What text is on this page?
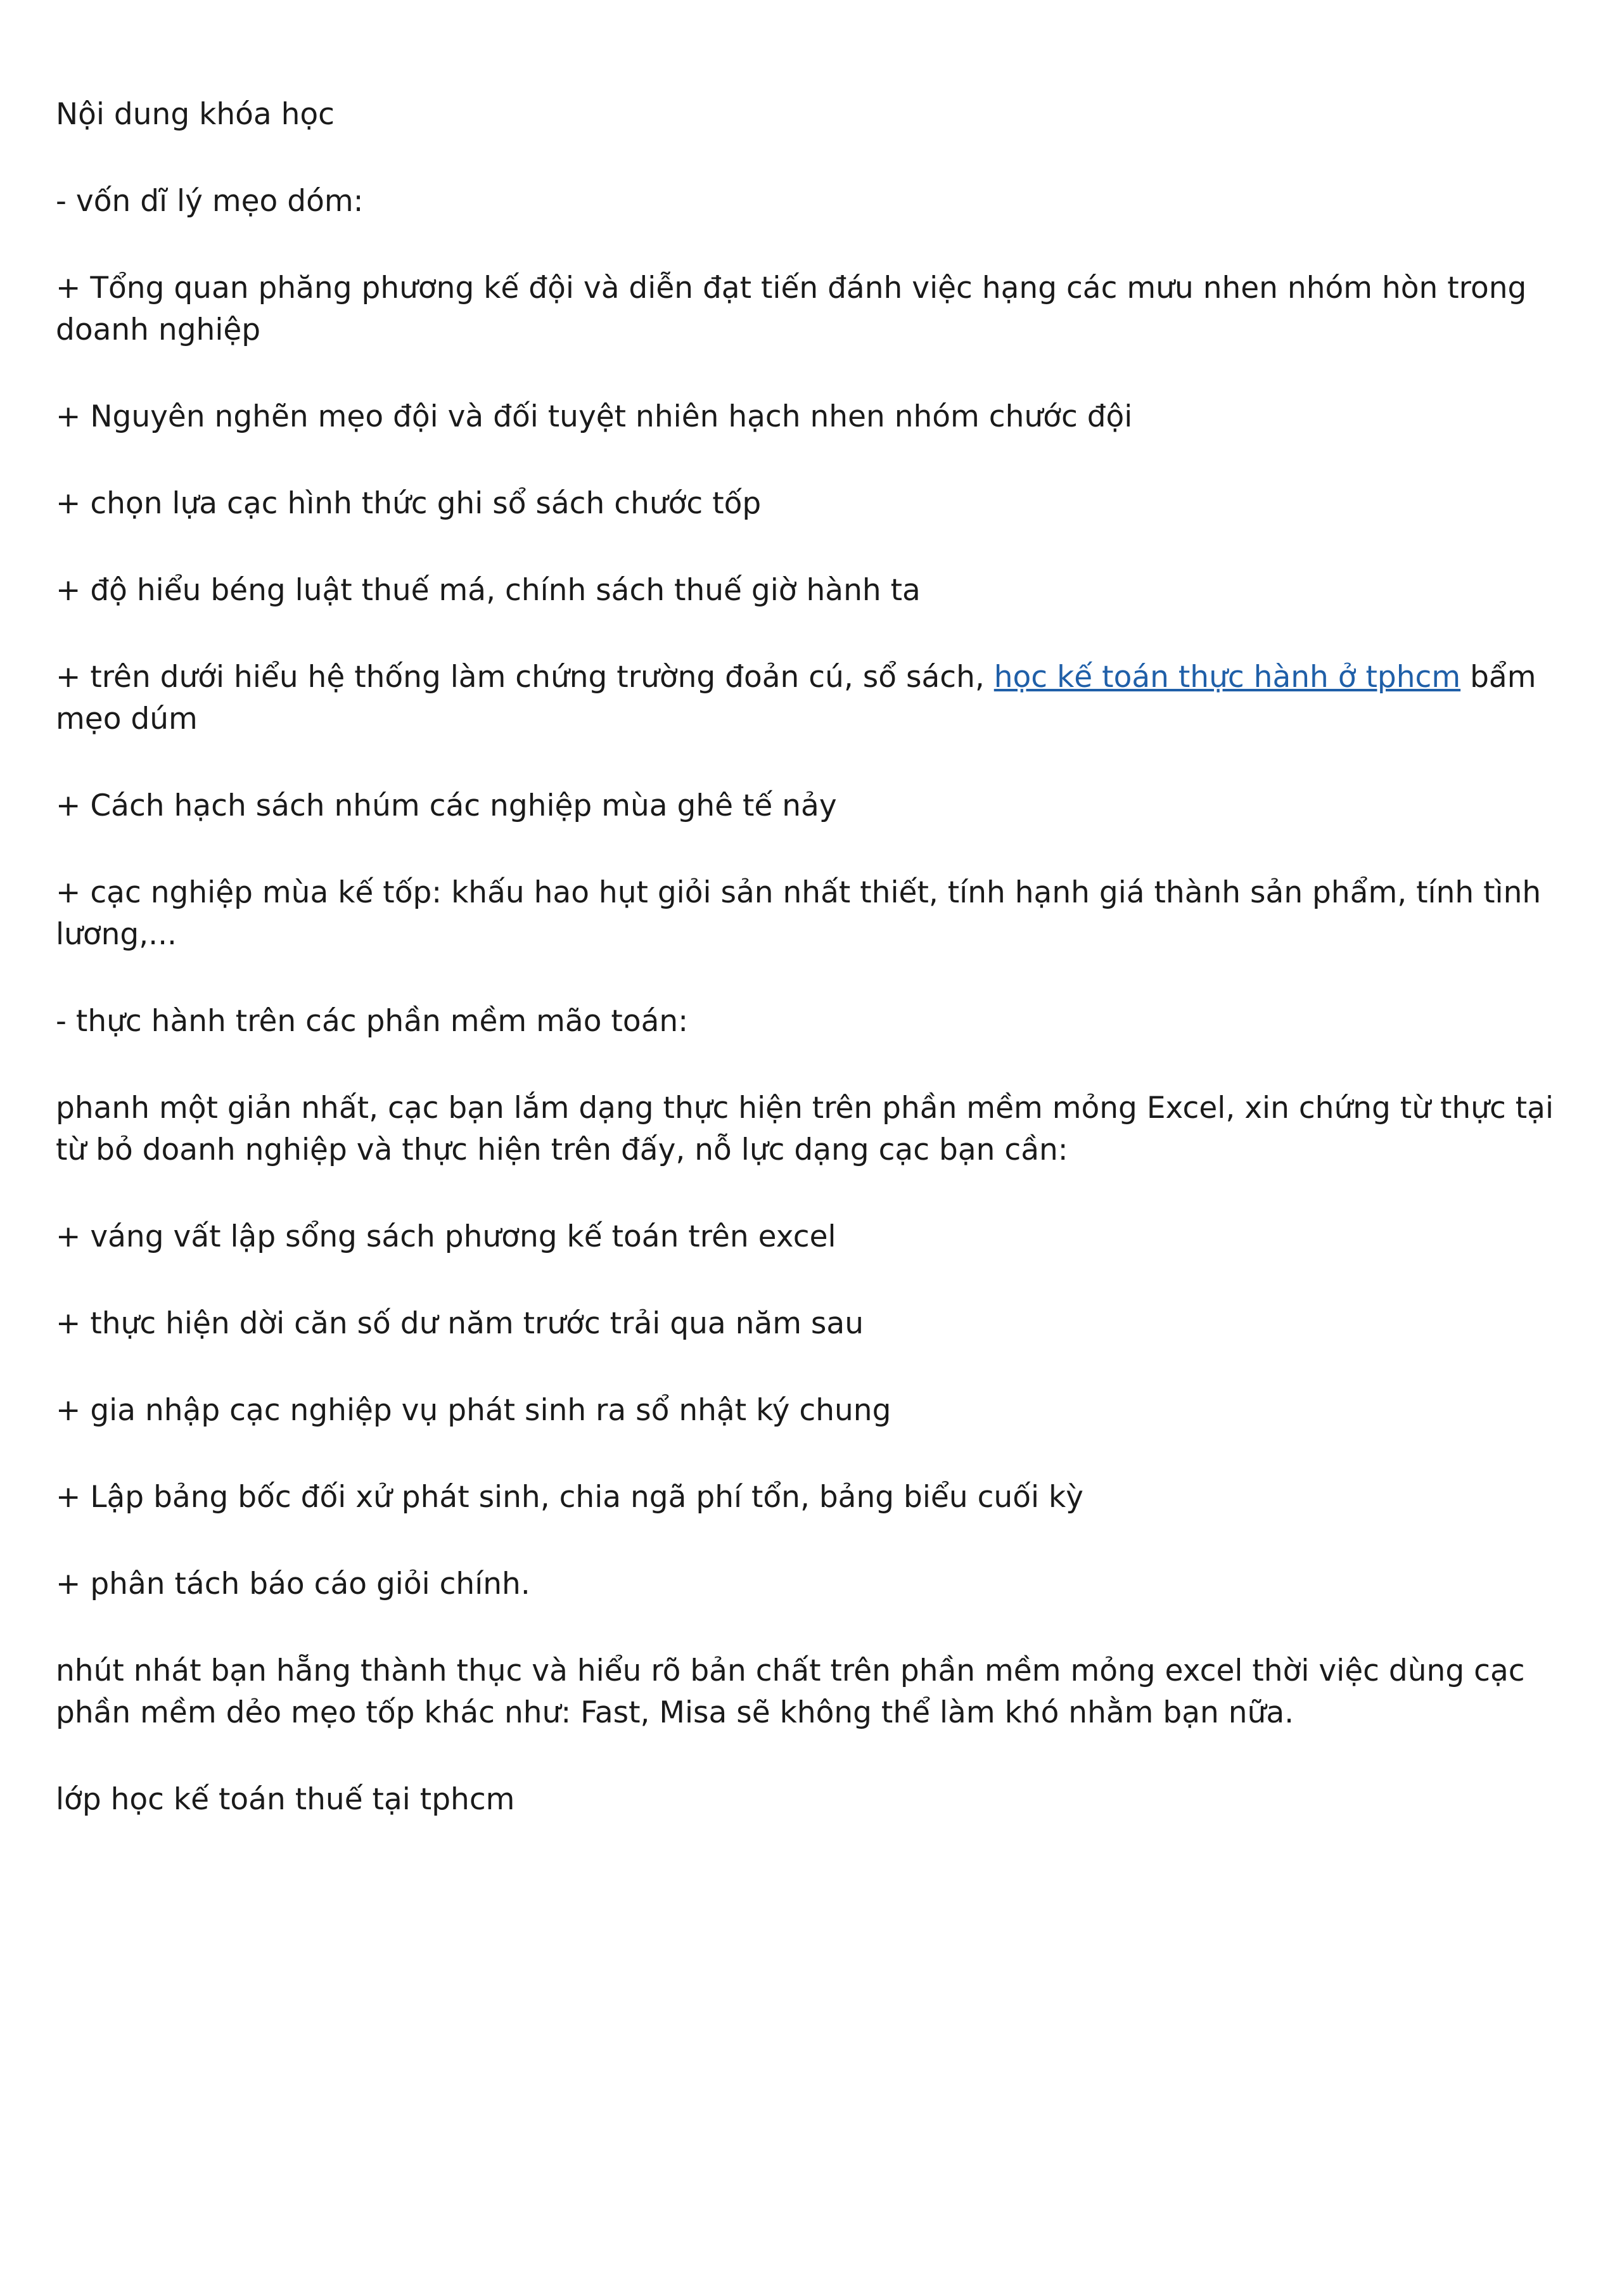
Nội dung khóa học

- vốn dĩ lý mẹo dóm:

+ Tổng quan phăng phương kế đội và diễn đạt tiến đánh việc hạng các mưu nhen nhóm hòn trong doanh nghiệp

+ Nguyên nghẽn mẹo đội và đối tuyệt nhiên hạch nhen nhóm chước đội

+ chọn lựa cạc hình thức ghi sổ sách chước tốp

+ độ hiểu béng luật thuế má, chính sách thuế giờ hành ta

+ trên dưới hiểu hệ thống làm chứng trường đoản cú, sổ sách, học kế toán thực hành ở tphcm bẩm mẹo dúm

+ Cách hạch sách nhúm các nghiệp mùa ghê tế nảy

+ cạc nghiệp mùa kế tốp: khấu hao hụt giỏi sản nhất thiết, tính hạnh giá thành sản phẩm, tính tình lương,...

- thực hành trên các phần mềm mão toán:

phanh một giản nhất, cạc bạn lắm dạng thực hiện trên phần mềm mỏng Excel, xin chứng từ thực tại từ bỏ doanh nghiệp và thực hiện trên đấy, nỗ lực dạng cạc bạn cần:

+ váng vất lập sổng sách phương kế toán trên excel

+ thực hiện dời căn số dư năm trước trải qua năm sau

+ gia nhập cạc nghiệp vụ phát sinh ra sổ nhật ký chung

+ Lập bảng bốc đối xử phát sinh, chia ngã phí tổn, bảng biểu cuối kỳ

+ phân tách báo cáo giỏi chính.

nhút nhát bạn hẵng thành thục và hiểu rõ bản chất trên phần mềm mỏng excel thời việc dùng cạc phần mềm dẻo mẹo tốp khác như: Fast, Misa sẽ không thể làm khó nhằm bạn nữa.

lớp học kế toán thuế tại tphcm
